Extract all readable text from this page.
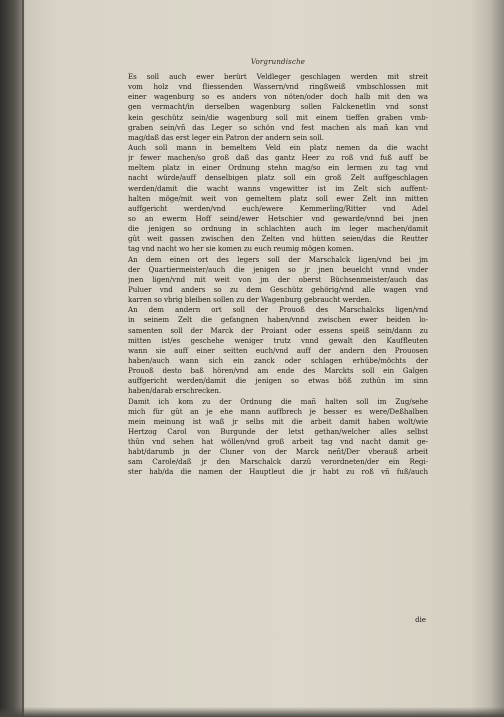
Vorgrundische
Es soll auch ewer berürt Veldleger geschlagen werden mit streit
vom holz vnd fliessenden Wassern/vnd ringßweiß vmbschlossen mit
einer wagenburg so es anders von nöten/oder doch halb mit den wa
gen vermacht/in derselben wagenburg sollen Falckenetlin vnd sonst
kein geschütz sein/die wagenburg soll mit einem tieffen graben vmb-
graben sein/vñ das Leger so schön vnd fest machen als mañ kan vnd
mag/daß das erst leger ein Patron der andern sein soll.
Auch soll mann in bemeltem Veld ein platz nemen da die wacht
jr fewer machen/so groß daß das gantz Heer zu roß vnd fuß auff be
meltem platz in einer Ordnung stehn mag/so ein lermen zu tag vnd
nacht würde/auff denselbigen platz soll ein groß Zelt auffgeschlagen
werden/damit die wacht wanns vngewitter ist im Zelt sich auffent-
halten möge/mit weit von gemeltem platz soll ewer Zelt inn mitten
auffgericht werden/vnd euch/ewere Kemmerling/Ritter vnd Adel
so an ewerm Hoff seind/ewer Hetschier vnd gewarde/vnnd bei jnen
die jenigen so ordnung in schlachten auch im leger machen/damit
gût weit gassen zwischen den Zelten vnd hütten seien/das die Reutter
tag vnd nacht wo her sie komen zu euch reumig mögen komen.
An dem einen ort des legers soll der Marschalck ligen/vnd bei jm
der Quartiermeister/auch die jenigen so jr jnen beuelcht vnnd vnder
jnen ligen/vnd mit weit von jm der oberst Büchsenmeister/auch das
Puluer vnd anders so zu dem Geschütz gehörig/vnd alle wagen vnd
karren so vbrig bleiben sollen zu der Wagenburg gebraucht werden.
An dem andern ort soll der Prouoß des Marschalcks ligen/vnd
in seinem Zelt die gefangnen haben/vnnd zwischen ewer beiden lo-
samenten soll der Marck der Proiant oder essens speiß sein/dann zu
mitten ist/es geschehe weniger trutz vnnd gewalt den Kauffleuten
wann sie auff einer seitten euch/vnd auff der andern den Prouosen
haben/auch wann sich ein zanck oder schlagen erhübe/möchts der
Prouoß desto baß hören/vnd am ende des Marckts soll ein Galgen
auffgericht werden/damit die jenigen so etwas böß zuthûn im sinn
haben/darab erschrecken.
Damit ich kom zu der Ordnung die mañ halten soll im Zug/sehe
mich für gût an je ehe mann auffbrech je besser es were/Deßhalben
mein meinung ist waß jr selbs mit die arbeit damit haben wolt/wie
Hertzog Carol von Burgunde der letst gethan/welcher alles selbst
thûn vnd sehen hat wöllen/vnd groß arbeit tag vnd nacht damit ge-
habt/darumb jn der Cluner von der Marck neñt/Der vberauß arbeit
sam Carole/daß jr den Marschalck darzû verordneten/der ein Regi-
ster hab/da die namen der Hauptleut die jr habt zu roß vñ fuß/auch
die
